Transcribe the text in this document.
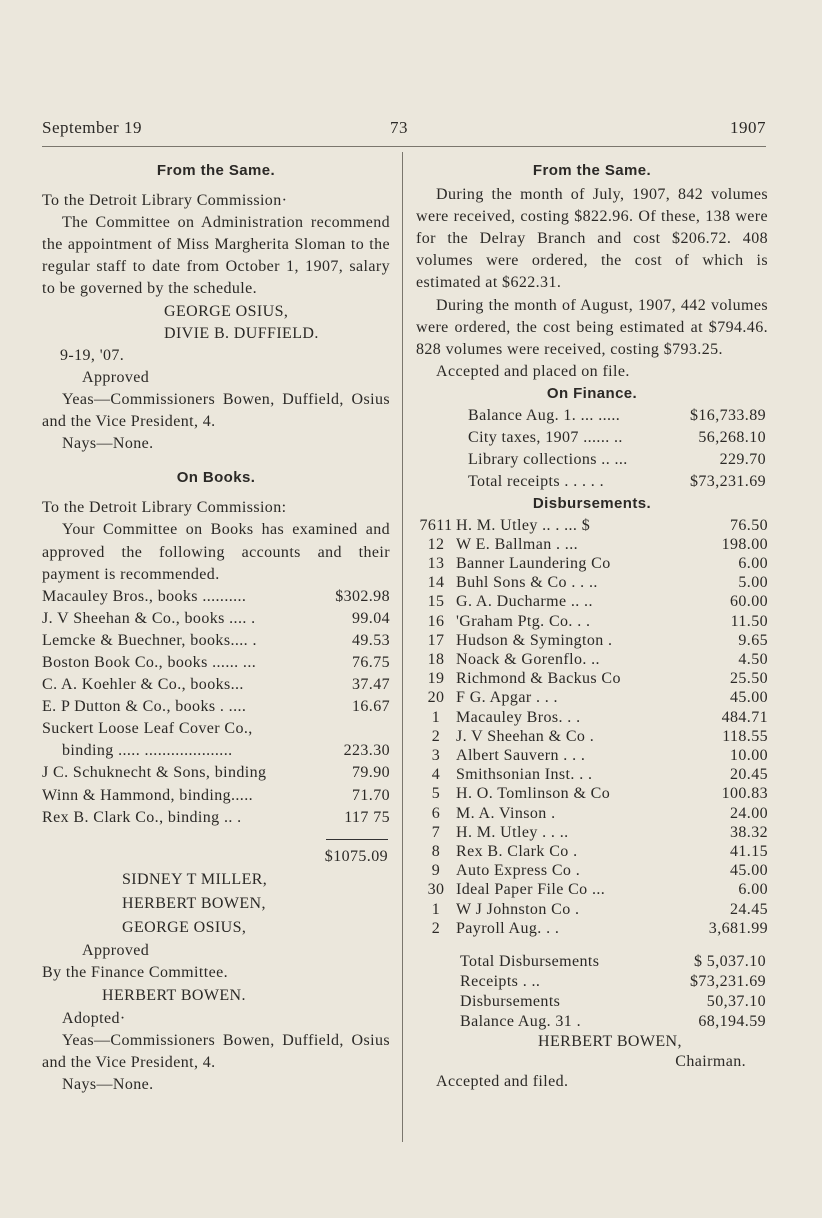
September 19	73	1907

From the Same.

To the Detroit Library Commission·

The Committee on Administration recommend the appointment of Miss Margherita Sloman to the regular staff to date from October 1, 1907, salary to be governed by the schedule.

GEORGE OSIUS,

DIVIE B. DUFFIELD.

9-19, '07.

Approved

Yeas—Commissioners Bowen, Duffield, Osius and the Vice President, 4.

Nays—None.

On Books.

To the Detroit Library Commission:

Your Committee on Books has examined and approved the following accounts and their payment is recommended.

Macauley Bros., books ..........	$302.98
J. V Sheehan & Co., books .... .	99.04
Lemcke & Buechner, books.... .	49.53
Boston Book Co., books ...... ...	76.75
C. A. Koehler & Co., books...	37.47
E. P Dutton & Co., books . ....	16.67
Suckert Loose Leaf Cover Co.,
binding ..... ....................	223.30
J C. Schuknecht & Sons, binding	79.90
Winn & Hammond, binding.....	71.70
Rex B. Clark Co., binding .. .	117 75

$1075.09

SIDNEY T MILLER,

HERBERT BOWEN,

GEORGE OSIUS,

Approved

By the Finance Committee.

HERBERT BOWEN.

Adopted·

Yeas—Commissioners Bowen, Duffield, Osius and the Vice President, 4.

Nays—None.

From the Same.

During the month of July, 1907, 842 volumes were received, costing $822.96. Of these, 138 were for the Delray Branch and cost $206.72. 408 volumes were ordered, the cost of which is estimated at $622.31.

During the month of August, 1907, 442 volumes were ordered, the cost being estimated at $794.46. 828 volumes were received, costing $793.25.

Accepted and placed on file.

On Finance.

Balance Aug. 1. ... .....	$16,733.89
City taxes, 1907 ...... ..	56,268.10
Library collections .. ...	229.70
Total receipts . . . . .	$73,231.69

Disbursements.

7611 H. M. Utley .. . ... $	76.50
12 W E. Ballman . ...	198.00
13 Banner Laundering Co	6.00
14 Buhl Sons & Co . . ..	5.00
15 G. A. Ducharme .. ..	60.00
16 'Graham Ptg. Co. . .	11.50
17 Hudson & Symington .	9.65
18 Noack & Gorenflo. ..	4.50
19 Richmond & Backus Co	25.50
20 F G. Apgar . . .	45.00
1 Macauley Bros. . .	484.71
2 J. V Sheehan & Co .	118.55
3 Albert Sauvern . . .	10.00
4 Smithsonian Inst. . .	20.45
5 H. O. Tomlinson & Co	100.83
6 M. A. Vinson .	24.00
7 H. M. Utley . . ..	38.32
8 Rex B. Clark Co .	41.15
9 Auto Express Co .	45.00
30 Ideal Paper File Co ...	6.00
1 W J Johnston Co .	24.45
2 Payroll Aug. . .	3,681.99
Total Disbursements	$ 5,037.10
Receipts . ..	$73,231.69
Disbursements	50,37.10
Balance Aug. 31 .	68,194.59

HERBERT BOWEN,

Chairman.

Accepted and filed.
